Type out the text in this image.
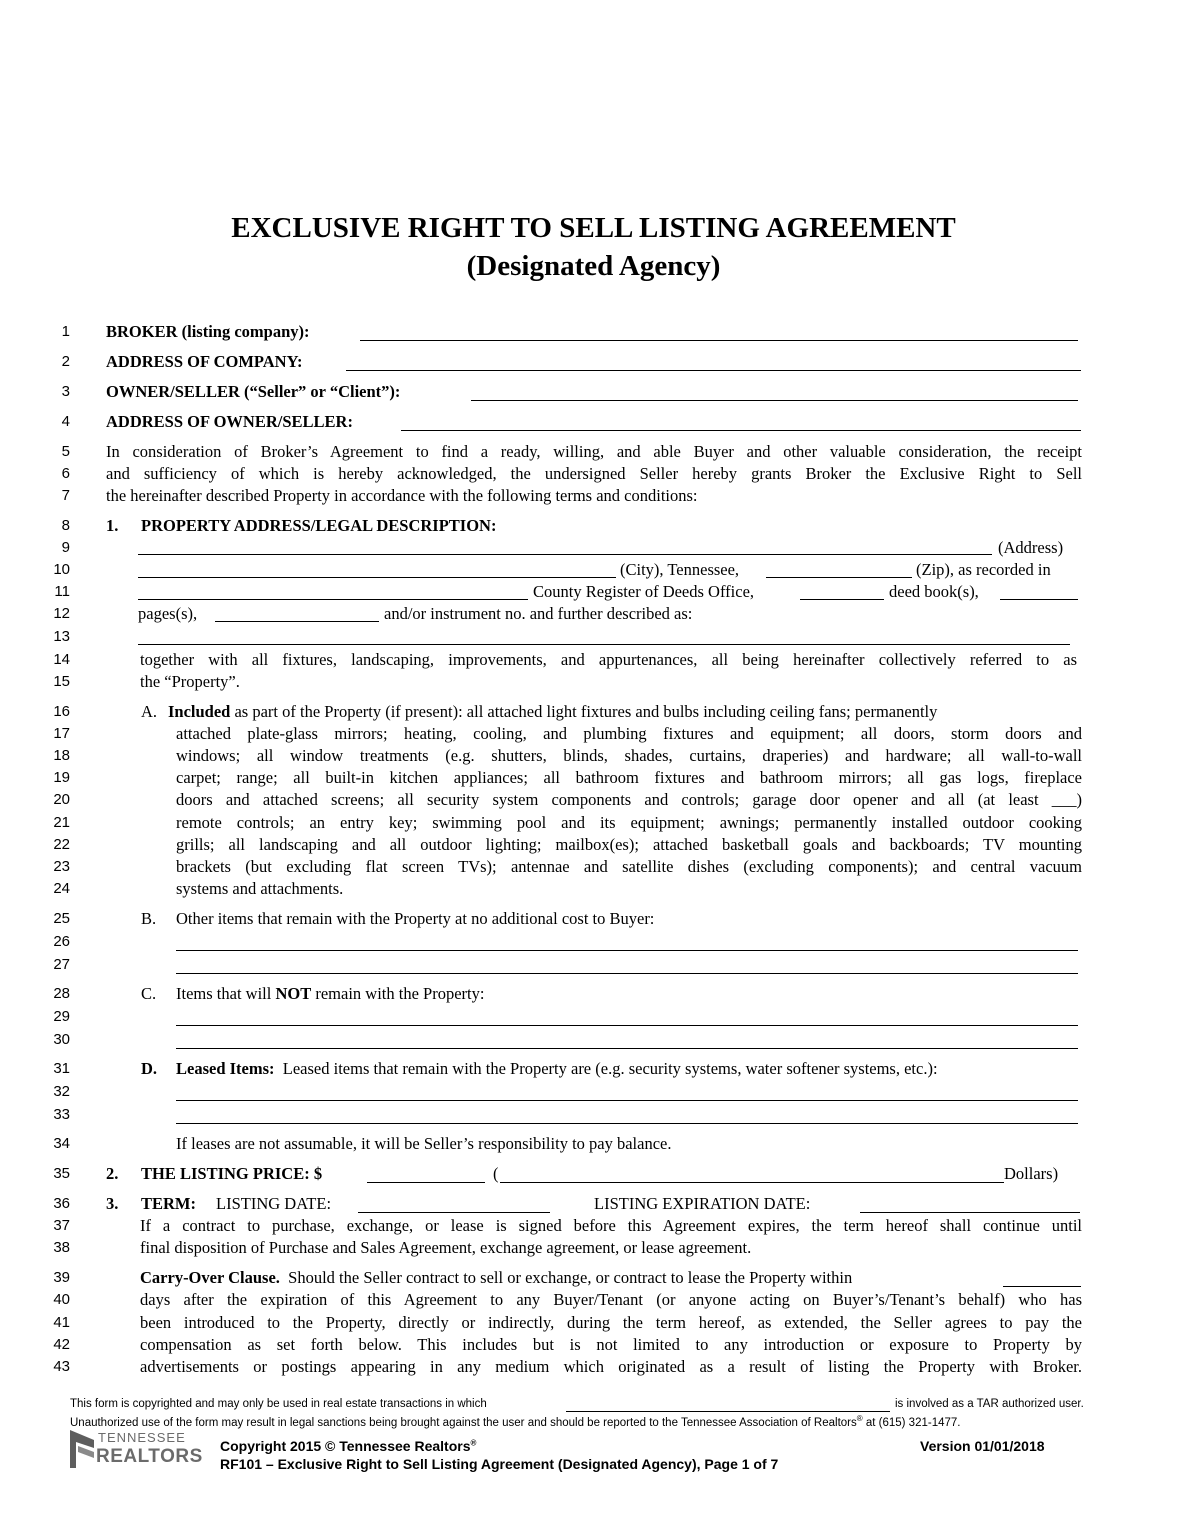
EXCLUSIVE RIGHT TO SELL LISTING AGREEMENT
(Designated Agency)
1
2
3
4
5
6
7
8
9
10
11
12
13
14
15
16
17
18
19
20
21
22
23
24
25
26
27
28
29
30
31
32
33
34
35
36
37
38
39
40
41
42
43
BROKER (listing company):
ADDRESS OF COMPANY:
OWNER/SELLER (“Seller” or “Client”):
ADDRESS OF OWNER/SELLER:
In consideration of Broker’s Agreement to find a ready, willing, and able Buyer and other valuable consideration, the receipt
and sufficiency of which is hereby acknowledged, the undersigned Seller hereby grants Broker the Exclusive Right to Sell
the hereinafter described Property in accordance with the following terms and conditions:
1. PROPERTY ADDRESS/LEGAL DESCRIPTION:
(Address)
(City), Tennessee,	(Zip), as recorded in
County Register of Deeds Office,	deed book(s),
pages(s),	and/or instrument no. and further described as:
together with all fixtures, landscaping, improvements, and appurtenances, all being hereinafter collectively referred to as
the “Property”.
A. Included as part of the Property (if present): all attached light fixtures and bulbs including ceiling fans; permanently
attached plate-glass mirrors; heating, cooling, and plumbing fixtures and equipment; all doors, storm doors and
windows; all window treatments (e.g. shutters, blinds, shades, curtains, draperies) and hardware; all wall-to-wall
carpet; range; all built-in kitchen appliances; all bathroom fixtures and bathroom mirrors; all gas logs, fireplace
doors and attached screens; all security system components and controls; garage door opener and all (at least ___)
remote controls; an entry key; swimming pool and its equipment; awnings; permanently installed outdoor cooking
grills; all landscaping and all outdoor lighting; mailbox(es); attached basketball goals and backboards; TV mounting
brackets (but excluding flat screen TVs); antennae and satellite dishes (excluding components); and central vacuum
systems and attachments.
B. Other items that remain with the Property at no additional cost to Buyer:
C. Items that will NOT remain with the Property:
D. Leased Items: Leased items that remain with the Property are (e.g. security systems, water softener systems, etc.):
If leases are not assumable, it will be Seller’s responsibility to pay balance.
2. THE LISTING PRICE: $	(	Dollars)
3. TERM: LISTING DATE:	LISTING EXPIRATION DATE:
If a contract to purchase, exchange, or lease is signed before this Agreement expires, the term hereof shall continue until
final disposition of Purchase and Sales Agreement, exchange agreement, or lease agreement.
Carry-Over Clause. Should the Seller contract to sell or exchange, or contract to lease the Property within
days after the expiration of this Agreement to any Buyer/Tenant (or anyone acting on Buyer’s/Tenant’s behalf) who has
been introduced to the Property, directly or indirectly, during the term hereof, as extended, the Seller agrees to pay the
compensation as set forth below. This includes but is not limited to any introduction or exposure to Property by
advertisements or postings appearing in any medium which originated as a result of listing the Property with Broker.
This form is copyrighted and may only be used in real estate transactions in which	is involved as a TAR authorized user.
Unauthorized use of the form may result in legal sanctions being brought against the user and should be reported to the Tennessee Association of Realtors® at (615) 321-1477.
TENNESSEE
REALTORS Copyright 2015 © Tennessee Realtors®	Version 01/01/2018
RF101 – Exclusive Right to Sell Listing Agreement (Designated Agency), Page 1 of 7
